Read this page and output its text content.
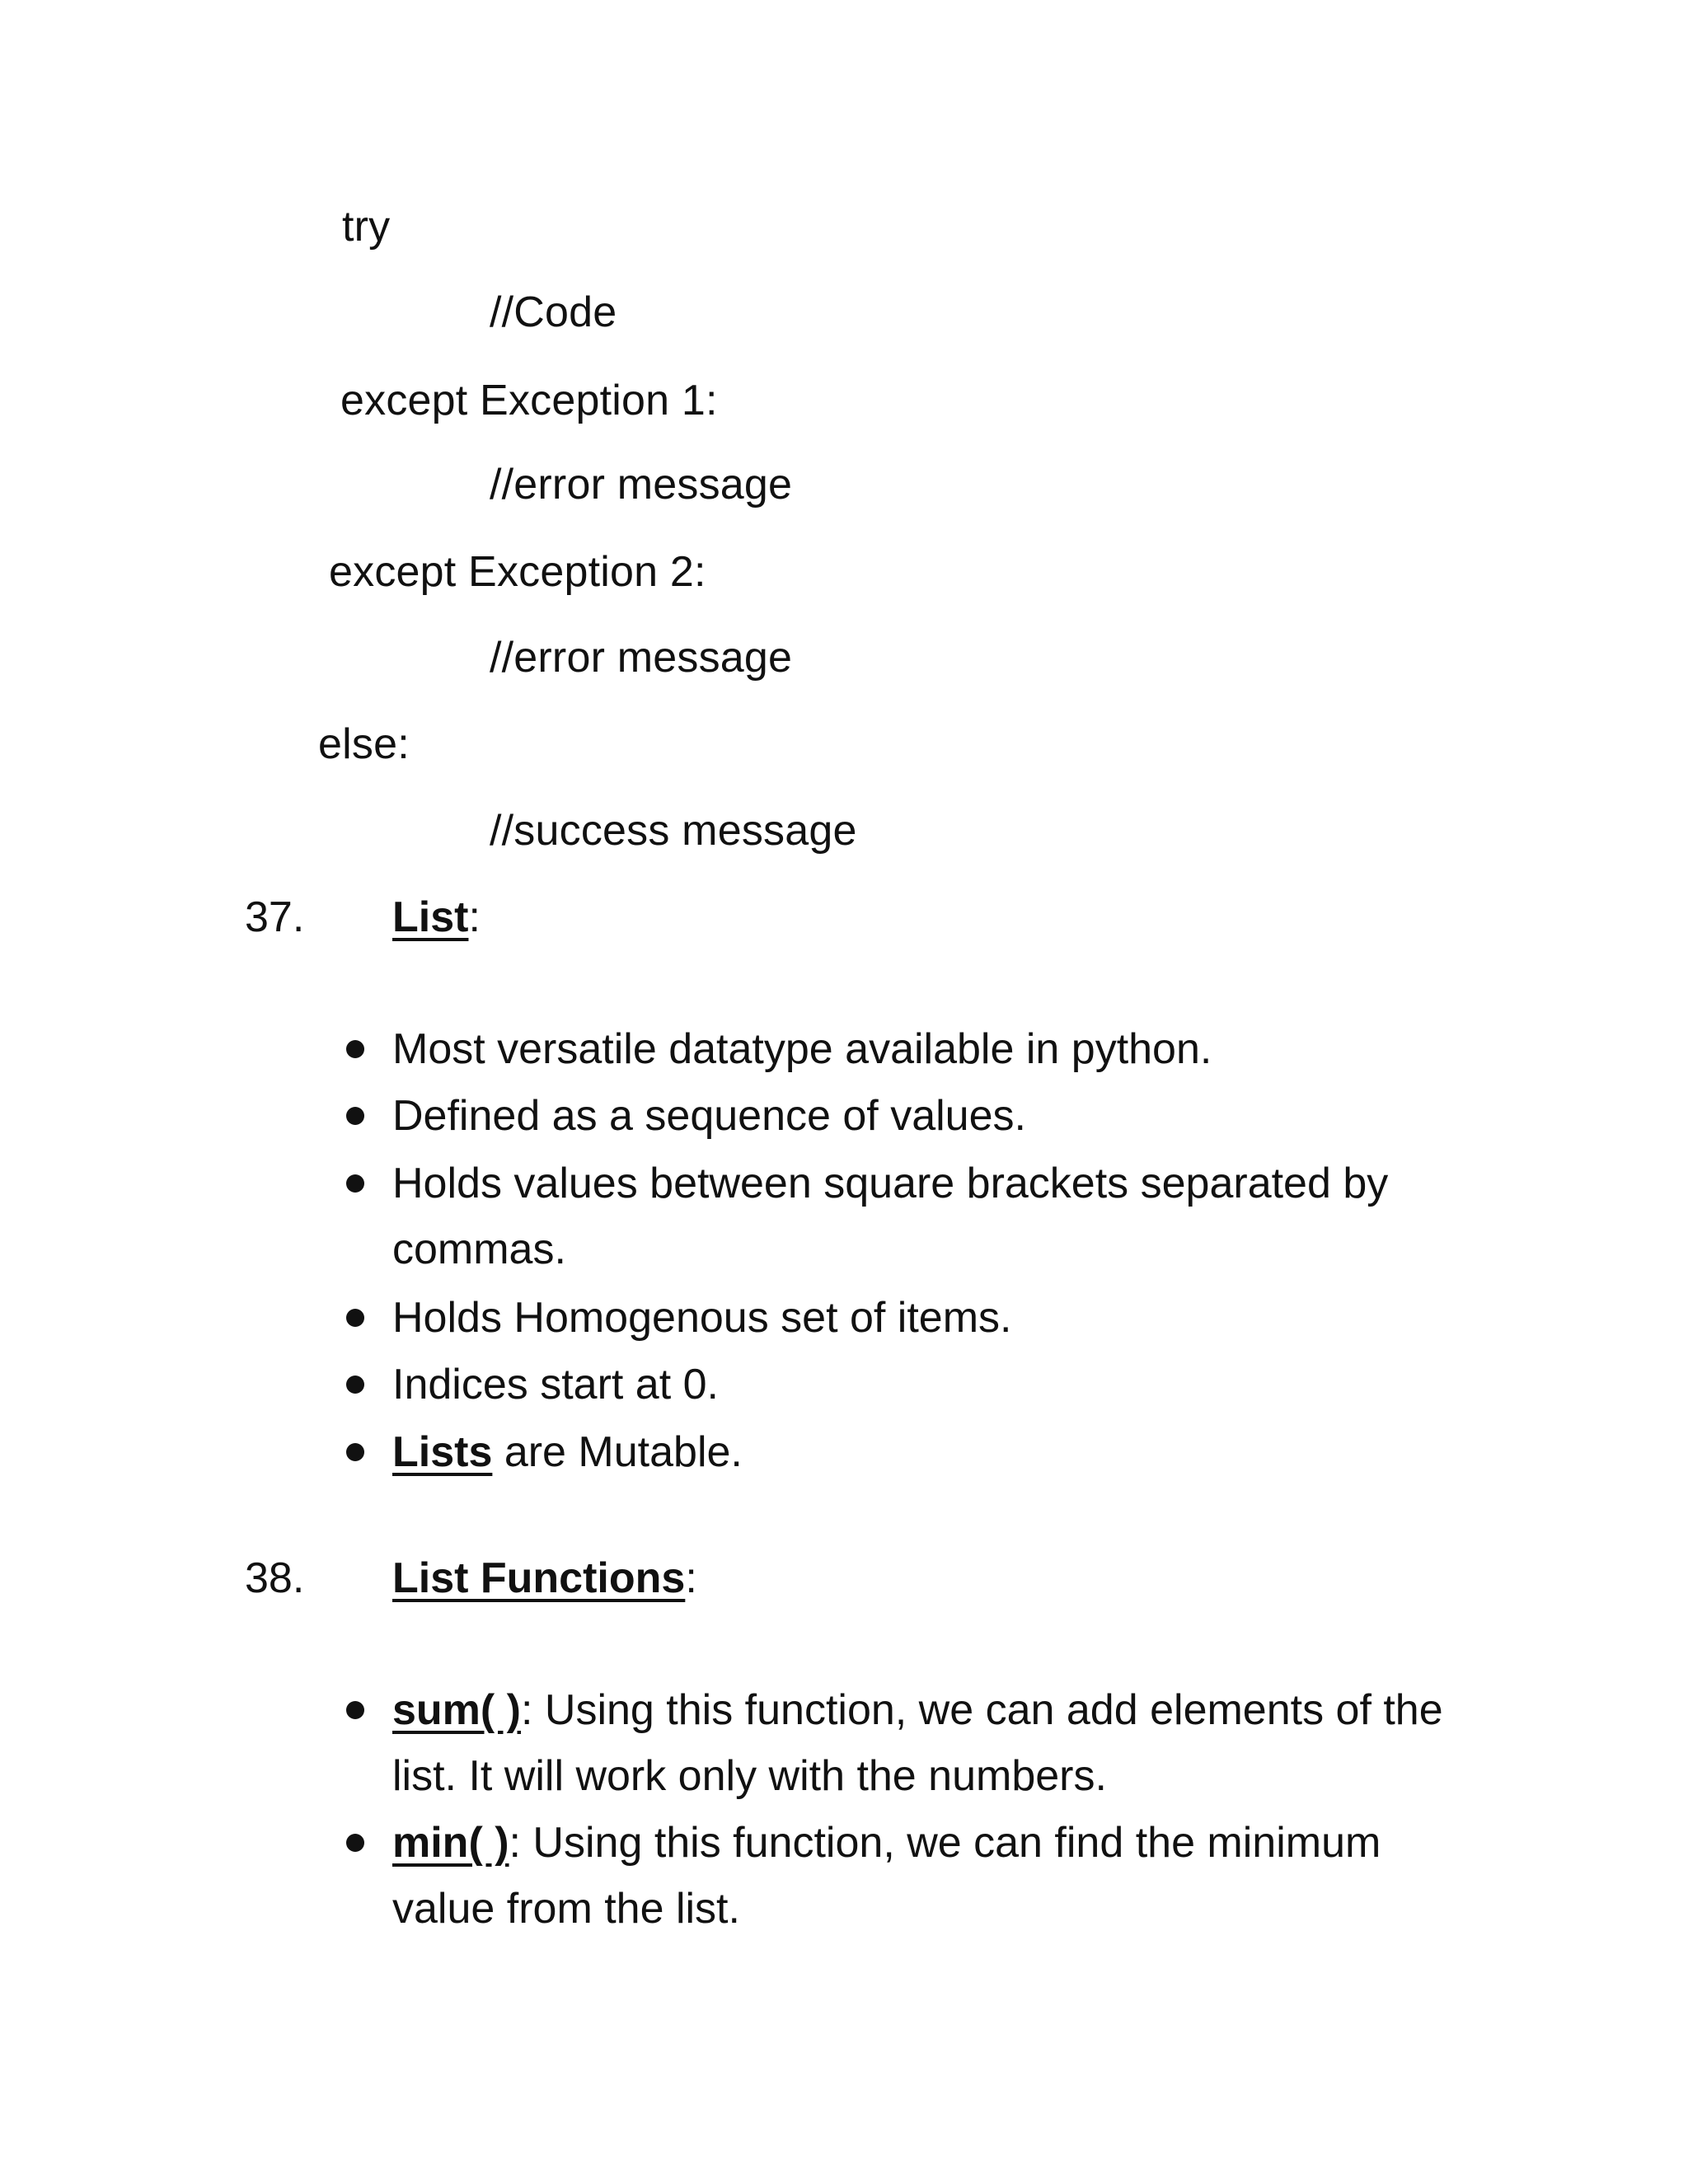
try
//Code
except Exception 1:
//error message
except Exception 2:
//error message
else:
//success message
37. List:
Most versatile datatype available in python.
Defined as a sequence of values.
Holds values between square brackets separated by commas.
Holds Homogenous set of items.
Indices start at 0.
Lists are Mutable.
38. List Functions:
sum( ): Using this function, we can add elements of the list. It will work only with the numbers.
min( ): Using this function, we can find the minimum value from the list.
